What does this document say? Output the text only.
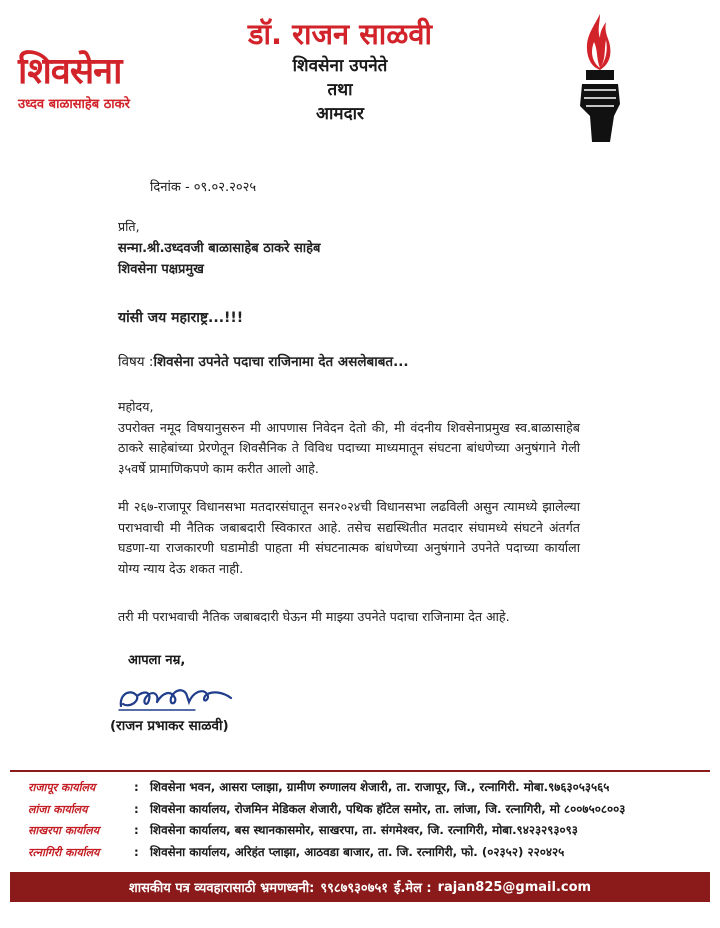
शिवसेना
उध्दव बाळासाहेब ठाकरे
डॉ. राजन साळवी
शिवसेना उपनेते
तथा
आमदार
दिनांक - ०९.०२.२०२५
प्रति,
सन्मा.श्री.उध्दवजी बाळासाहेब ठाकरे साहेब
शिवसेना पक्षप्रमुख
यांसी जय महाराष्ट्र...!!!
विषय :शिवसेना उपनेते पदाचा राजिनामा देत असलेबाबत...
महोदय,
उपरोक्त नमूद विषयानुसरुन मी आपणास निवेदन देतो की, मी वंदनीय शिवसेनाप्रमुख स्व.बाळासाहेब ठाकरे साहेबांच्या प्रेरणेतून शिवसैनिक ते विविध पदाच्या माध्यमातून संघटना बांधणेच्या अनुषंगाने गेली ३५वर्षे प्रामाणिकपणे काम करीत आलो आहे.
मी २६७-राजापूर विधानसभा मतदारसंघातून सन२०२४ची विधानसभा लढविली असुन त्यामध्ये झालेल्या पराभवाची मी नैतिक जबाबदारी स्विकारत आहे. तसेच सद्यस्थितीत मतदार संघामध्ये संघटने अंतर्गत घडणा-या राजकारणी घडामोडी पाहता मी संघटनात्मक बांधणेच्या अनुषंगाने उपनेते पदाच्या कार्याला योग्य न्याय देऊ शकत नाही.
तरी मी पराभवाची नैतिक जबाबदारी घेऊन मी माझ्या उपनेते पदाचा राजिनामा देत आहे.
आपला नम्र,
(राजन प्रभाकर साळवी)
राजापूर कार्यालय	: शिवसेना भवन, आसरा प्लाझा, ग्रामीण रुग्णालय शेजारी, ता. राजापूर, जि., रत्नागिरी. मोबा.९७६३०५३५६५
लांजा कार्यालय	: शिवसेना कार्यालय, रोजमिन मेडिकल शेजारी, पथिक हॉटेल समोर, ता. लांजा, जि. रत्नागिरी, मो ८००७५०८००३
साखरपा कार्यालय	: शिवसेना कार्यालय, बस स्थानकासमोर, साखरपा, ता. संगमेश्वर, जि. रत्नागिरी, मोबा.९४२३२९३०९३
रत्नागिरी कार्यालय	: शिवसेना कार्यालय, अरिहंत प्लाझा, आठवडा बाजार, ता. जि. रत्नागिरी, फो. (०२३५२) २२०४२५
शासकीय पत्र व्यवहारासाठी भ्रमणध्वनी: ९९८७९३०७५१ ई.मेल : rajan825@gmail.com
